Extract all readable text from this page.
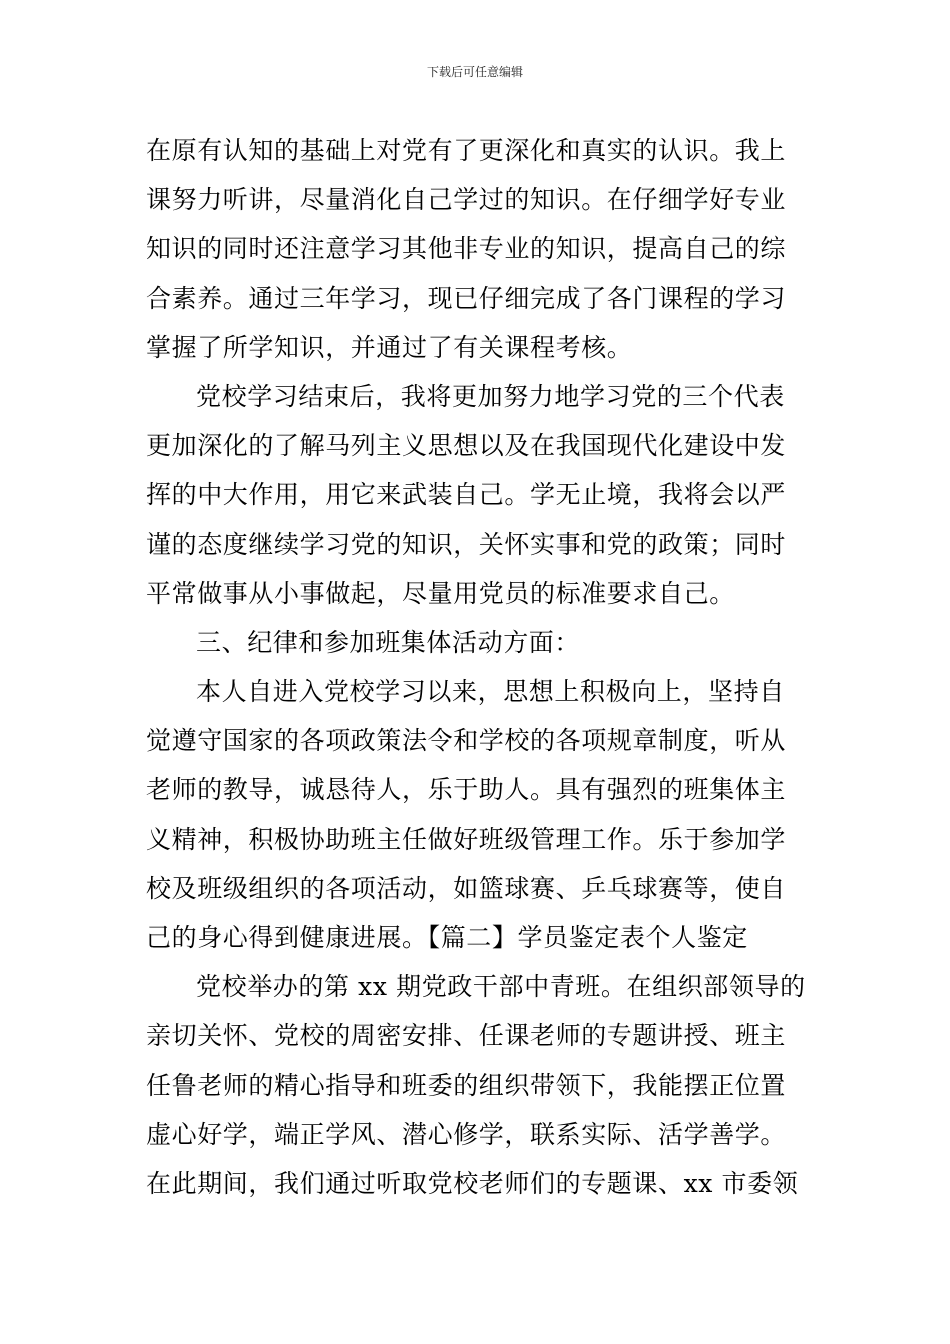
下载后可任意编辑
在原有认知的基础上对党有了更深化和真实的认识。我上
课努力听讲，尽量消化自己学过的知识。在仔细学好专业
知识的同时还注意学习其他非专业的知识，提高自己的综
合素养。通过三年学习，现已仔细完成了各门课程的学习
掌握了所学知识，并通过了有关课程考核。
党校学习结束后，我将更加努力地学习党的三个代表
更加深化的了解马列主义思想以及在我国现代化建设中发
挥的中大作用，用它来武装自己。学无止境，我将会以严
谨的态度继续学习党的知识，关怀实事和党的政策；同时
平常做事从小事做起，尽量用党员的标准要求自己。
三、纪律和参加班集体活动方面：
本人自进入党校学习以来，思想上积极向上，坚持自
觉遵守国家的各项政策法令和学校的各项规章制度，听从
老师的教导，诚恳待人，乐于助人。具有强烈的班集体主
义精神，积极协助班主任做好班级管理工作。乐于参加学
校及班级组织的各项活动，如篮球赛、乒乓球赛等，使自
己的身心得到健康进展。【篇二】学员鉴定表个人鉴定
党校举办的第 xx 期党政干部中青班。在组织部领导的
亲切关怀、党校的周密安排、任课老师的专题讲授、班主
任鲁老师的精心指导和班委的组织带领下，我能摆正位置
虚心好学，端正学风、潜心修学，联系实际、活学善学。
在此期间，我们通过听取党校老师们的专题课、xx 市委领
